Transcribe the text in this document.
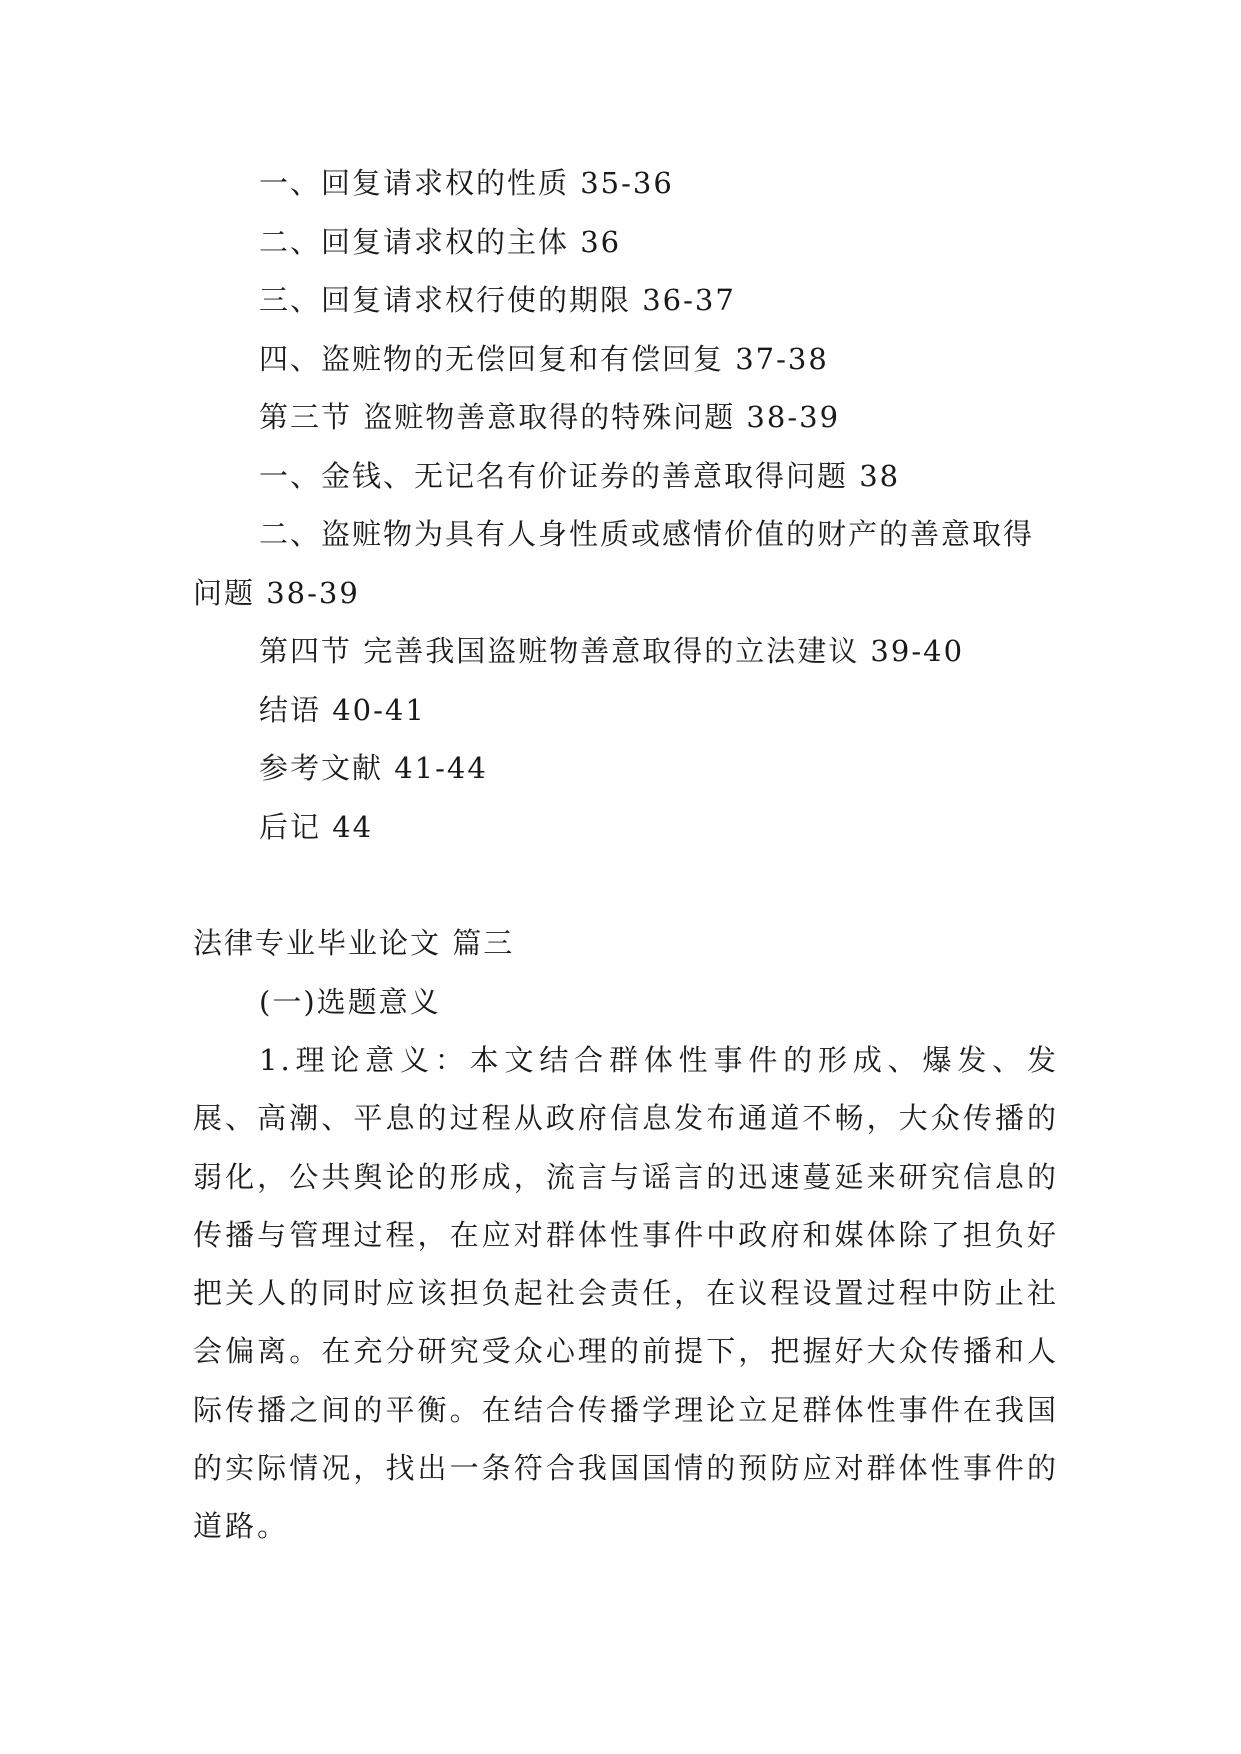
一、回复请求权的性质 35-36
二、回复请求权的主体 36
三、回复请求权行使的期限 36-37
四、盗赃物的无偿回复和有偿回复 37-38
第三节 盗赃物善意取得的特殊问题 38-39
一、金钱、无记名有价证券的善意取得问题 38
二、盗赃物为具有人身性质或感情价值的财产的善意取得问题 38-39
第四节 完善我国盗赃物善意取得的立法建议 39-40
结语 40-41
参考文献 41-44
后记 44
法律专业毕业论文 篇三
(一)选题意义

1.理论意义：本文结合群体性事件的形成、爆发、发展、高潮、平息的过程从政府信息发布通道不畅，大众传播的弱化，公共舆论的形成，流言与谣言的迅速蔓延来研究信息的传播与管理过程，在应对群体性事件中政府和媒体除了担负好把关人的同时应该担负起社会责任，在议程设置过程中防止社会偏离。在充分研究受众心理的前提下，把握好大众传播和人际传播之间的平衡。在结合传播学理论立足群体性事件在我国的实际情况，找出一条符合我国国情的预防应对群体性事件的道路。
